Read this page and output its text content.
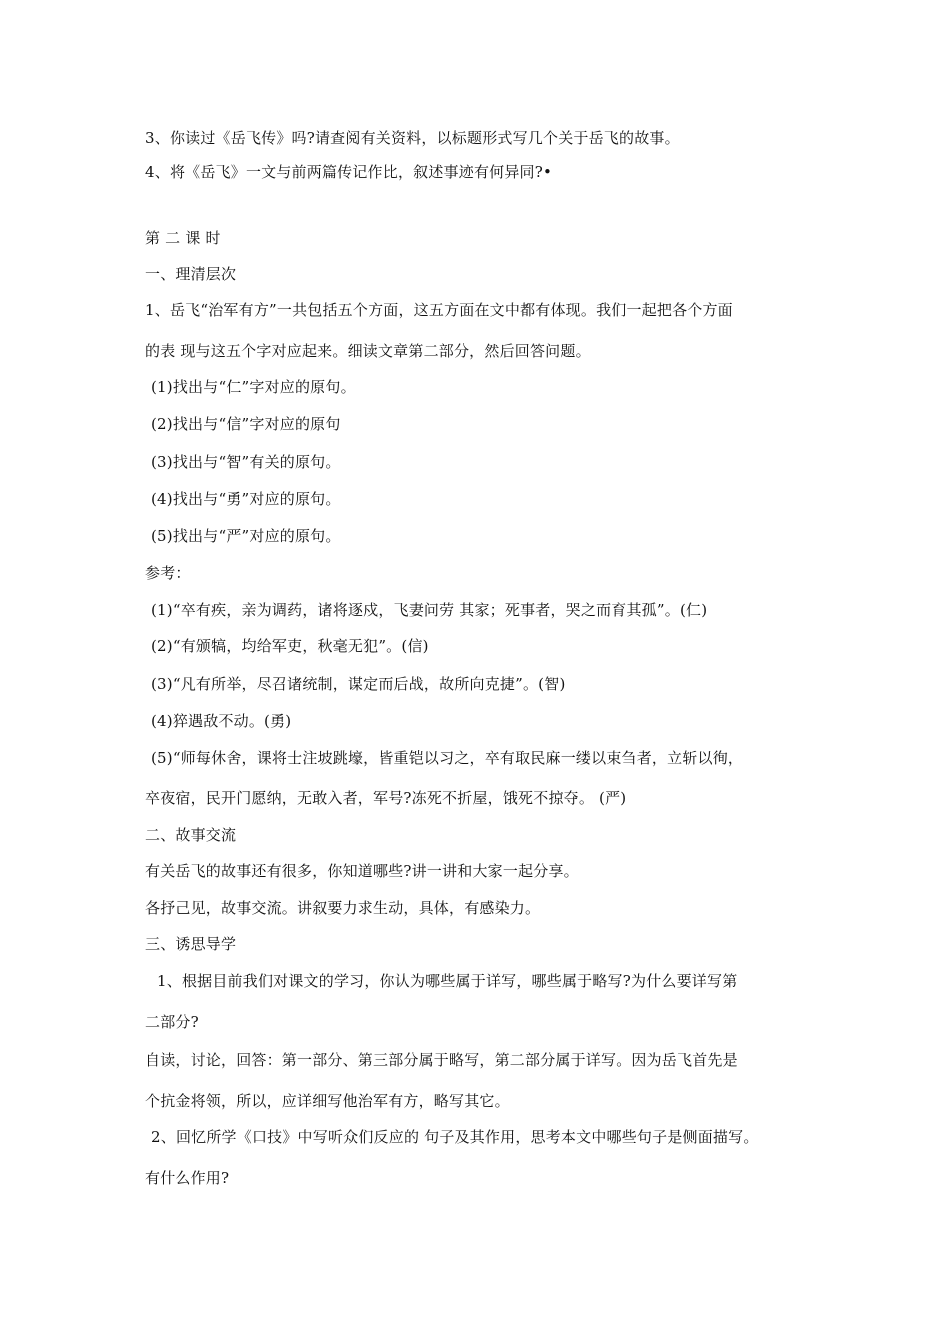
3、你读过《岳飞传》吗?请查阅有关资料，以标题形式写几个关于岳飞的故事。
4、将《岳飞》一文与前两篇传记作比，叙述事迹有何异同?•
第 二 课 时
一、理清层次
1、岳飞“治军有方”一共包括五个方面，这五方面在文中都有体现。我们一起把各个方面
的表 现与这五个字对应起来。细读文章第二部分，然后回答问题。
(1)找出与“仁”字对应的原句。
(2)找出与“信”字对应的原句
(3)找出与“智”有关的原句。
(4)找出与“勇”对应的原句。
(5)找出与“严”对应的原句。
参考：
(1)“卒有疾，亲为调药，诸将逐戍，飞妻问劳 其家；死事者，哭之而育其孤”。(仁)
(2)“有颁犒，均给军吏，秋毫无犯”。(信)
(3)“凡有所举，尽召诸统制，谋定而后战，故所向克捷”。(智)
(4)猝遇敌不动。(勇)
(5)“师每休舍，课将士注坡跳壕，皆重铠以习之，卒有取民麻一缕以束刍者，立斩以徇，
卒夜宿，民开门愿纳，无敢入者，军号?冻死不折屋，饿死不掠夺。 (严)
二、故事交流
有关岳飞的故事还有很多，你知道哪些?讲一讲和大家一起分享。
各抒己见，故事交流。讲叙要力求生动，具体，有感染力。
三、诱思导学
1、根据目前我们对课文的学习，你认为哪些属于详写，哪些属于略写?为什么要详写第
二部分?
自读，讨论，回答：第一部分、第三部分属于略写，第二部分属于详写。因为岳飞首先是
个抗金将领，所以，应详细写他治军有方，略写其它。
2、回忆所学《口技》中写听众们反应的 句子及其作用，思考本文中哪些句子是侧面描写。
有什么作用?
